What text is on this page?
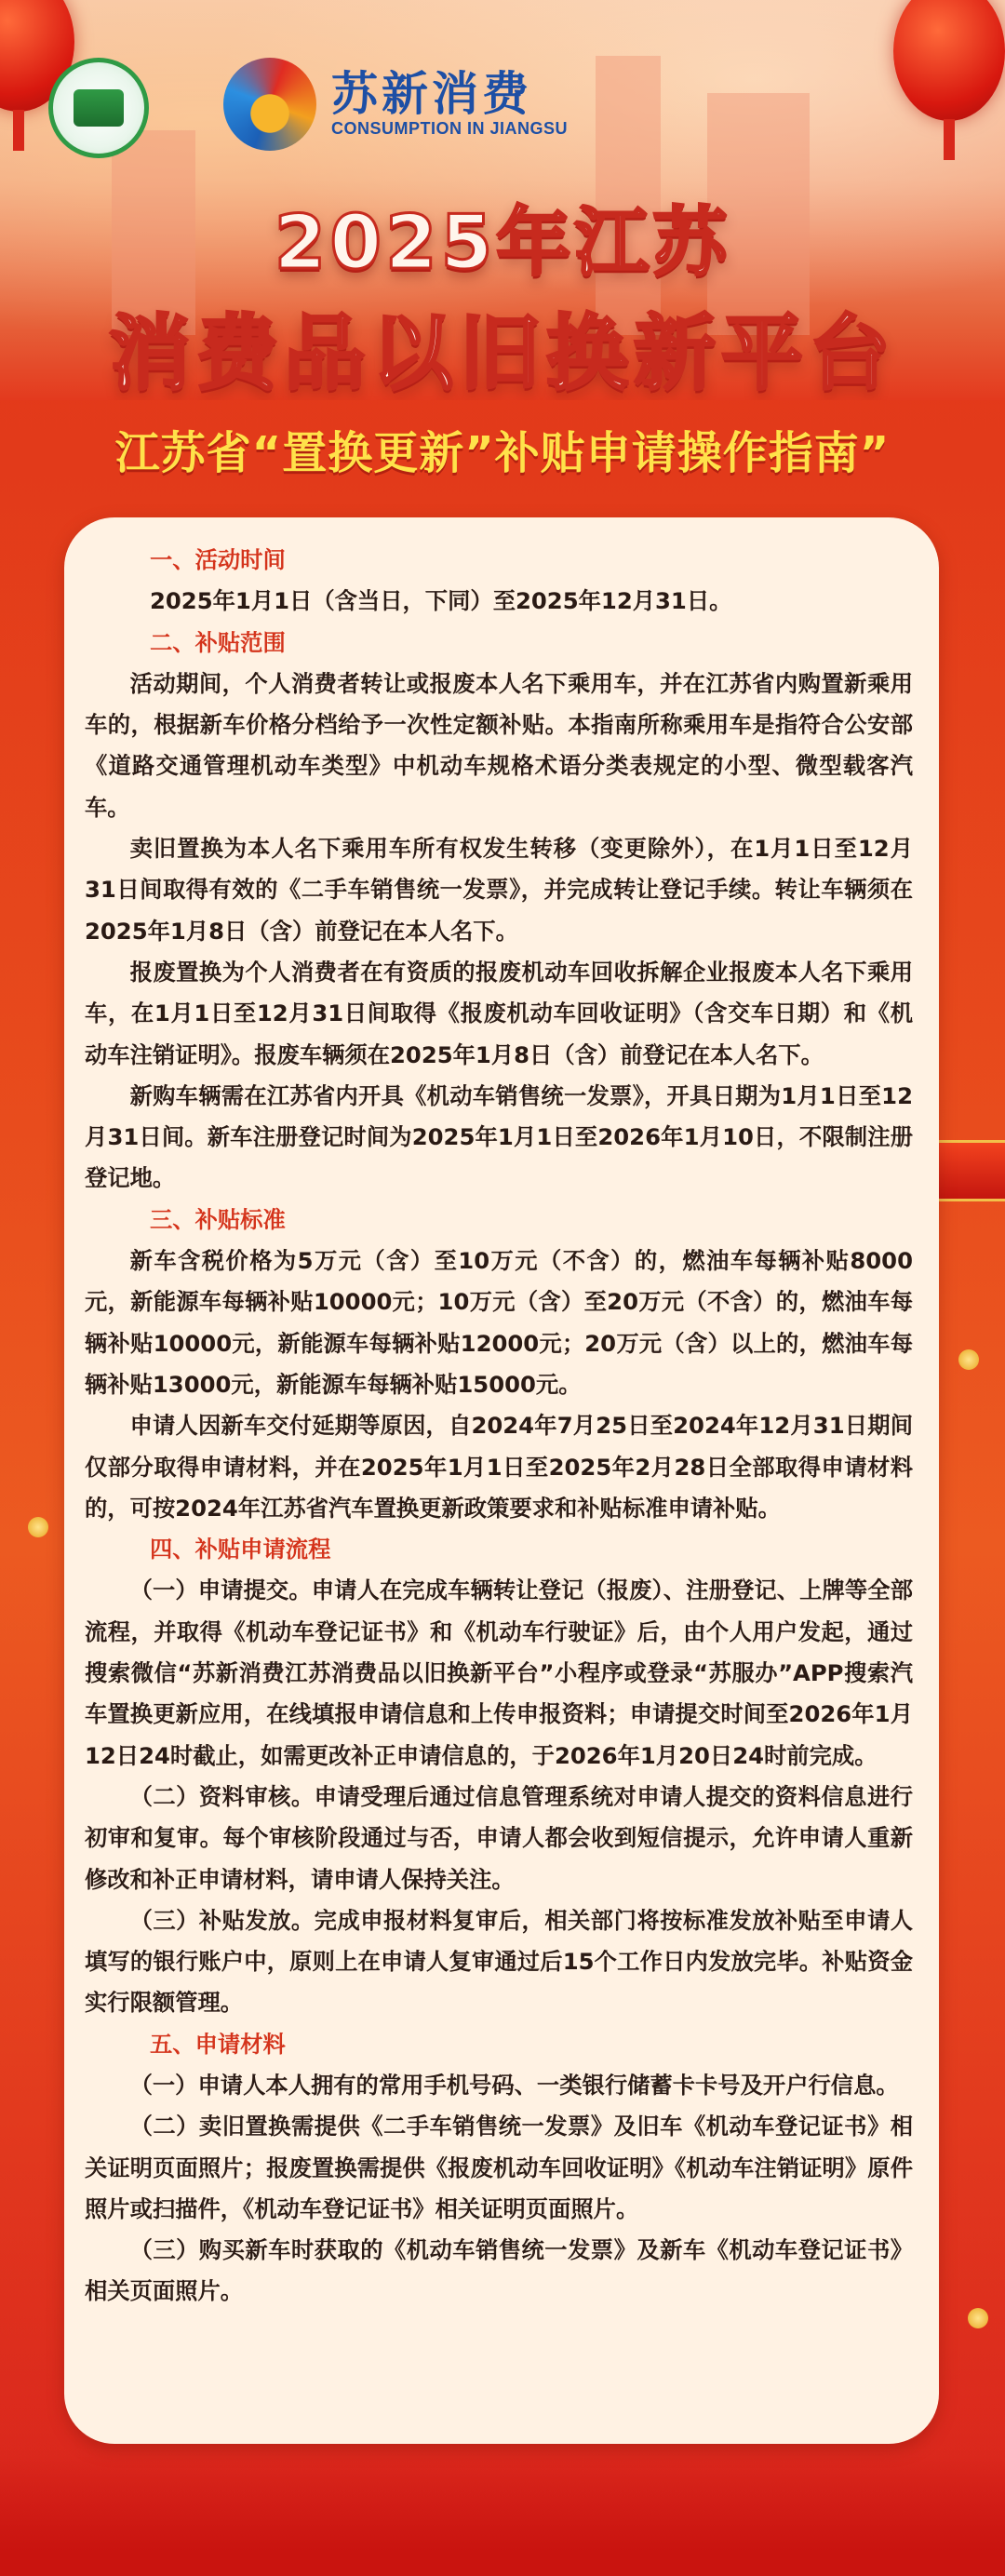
苏新消费
CONSUMPTION IN JIANGSU
2025年江苏
消费品以旧换新平台
江苏省“置换更新”补贴申请操作指南”

一、活动时间

2025年1月1日（含当日，下同）至2025年12月31日。

二、补贴范围

活动期间，个人消费者转让或报废本人名下乘用车，并在江苏省内购置新乘用车的，根据新车价格分档给予一次性定额补贴。本指南所称乘用车是指符合公安部《道路交通管理机动车类型》中机动车规格术语分类表规定的小型、微型载客汽车。

卖旧置换为本人名下乘用车所有权发生转移（变更除外），在1月1日至12月31日间取得有效的《二手车销售统一发票》，并完成转让登记手续。转让车辆须在2025年1月8日（含）前登记在本人名下。

报废置换为个人消费者在有资质的报废机动车回收拆解企业报废本人名下乘用车，在1月1日至12月31日间取得《报废机动车回收证明》（含交车日期）和《机动车注销证明》。报废车辆须在2025年1月8日（含）前登记在本人名下。

新购车辆需在江苏省内开具《机动车销售统一发票》，开具日期为1月1日至12月31日间。新车注册登记时间为2025年1月1日至2026年1月10日，不限制注册登记地。

三、补贴标准

新车含税价格为5万元（含）至10万元（不含）的，燃油车每辆补贴8000元，新能源车每辆补贴10000元；10万元（含）至20万元（不含）的，燃油车每辆补贴10000元，新能源车每辆补贴12000元；20万元（含）以上的，燃油车每辆补贴13000元，新能源车每辆补贴15000元。

申请人因新车交付延期等原因，自2024年7月25日至2024年12月31日期间仅部分取得申请材料，并在2025年1月1日至2025年2月28日全部取得申请材料的，可按2024年江苏省汽车置换更新政策要求和补贴标准申请补贴。

四、补贴申请流程

（一）申请提交。申请人在完成车辆转让登记（报废）、注册登记、上牌等全部流程，并取得《机动车登记证书》和《机动车行驶证》后，由个人用户发起，通过搜索微信“苏新消费江苏消费品以旧换新平台”小程序或登录“苏服办”APP搜索汽车置换更新应用，在线填报申请信息和上传申报资料；申请提交时间至2026年1月12日24时截止，如需更改补正申请信息的，于2026年1月20日24时前完成。

（二）资料审核。申请受理后通过信息管理系统对申请人提交的资料信息进行初审和复审。每个审核阶段通过与否，申请人都会收到短信提示，允许申请人重新修改和补正申请材料，请申请人保持关注。

（三）补贴发放。完成申报材料复审后，相关部门将按标准发放补贴至申请人填写的银行账户中，原则上在申请人复审通过后15个工作日内发放完毕。补贴资金实行限额管理。

五、申请材料

（一）申请人本人拥有的常用手机号码、一类银行储蓄卡卡号及开户行信息。

（二）卖旧置换需提供《二手车销售统一发票》及旧车《机动车登记证书》相关证明页面照片；报废置换需提供《报废机动车回收证明》《机动车注销证明》原件照片或扫描件，《机动车登记证书》相关证明页面照片。

（三）购买新车时获取的《机动车销售统一发票》及新车《机动车登记证书》相关页面照片。
